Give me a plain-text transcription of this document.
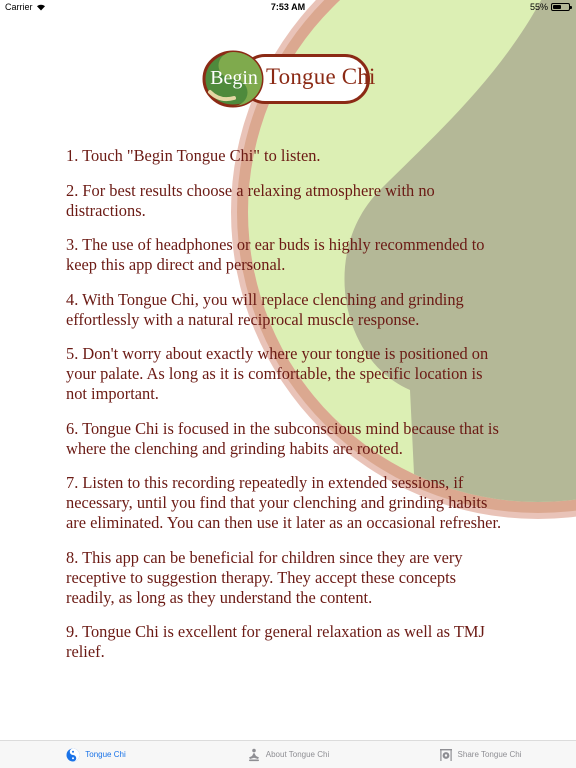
Carrier	7:53 AM	55%
Tongue Chi
Begin
1. Touch "Begin Tongue Chi" to listen.
2. For best results choose a relaxing atmosphere with no distractions.
3. The use of headphones or ear buds is highly recommended to keep this app direct and personal.
4. With Tongue Chi, you will replace clenching and grinding effortlessly with a natural reciprocal muscle response.
5. Don't worry about exactly where your tongue is positioned on your palate. As long as it is comfortable, the specific location is not important.
6. Tongue Chi is focused in the subconscious mind because that is where the clenching and grinding habits are rooted.
7. Listen to this recording repeatedly in extended sessions, if necessary, until you find that your clenching and grinding habits are eliminated. You can then use it later as an occasional refresher.
8. This app can be beneficial for children since they are very receptive to suggestion therapy. They accept these concepts readily, as long as they understand the content.
9. Tongue Chi is excellent for general relaxation as well as TMJ relief.
Tongue Chi	About Tongue Chi	Share Tongue Chi
